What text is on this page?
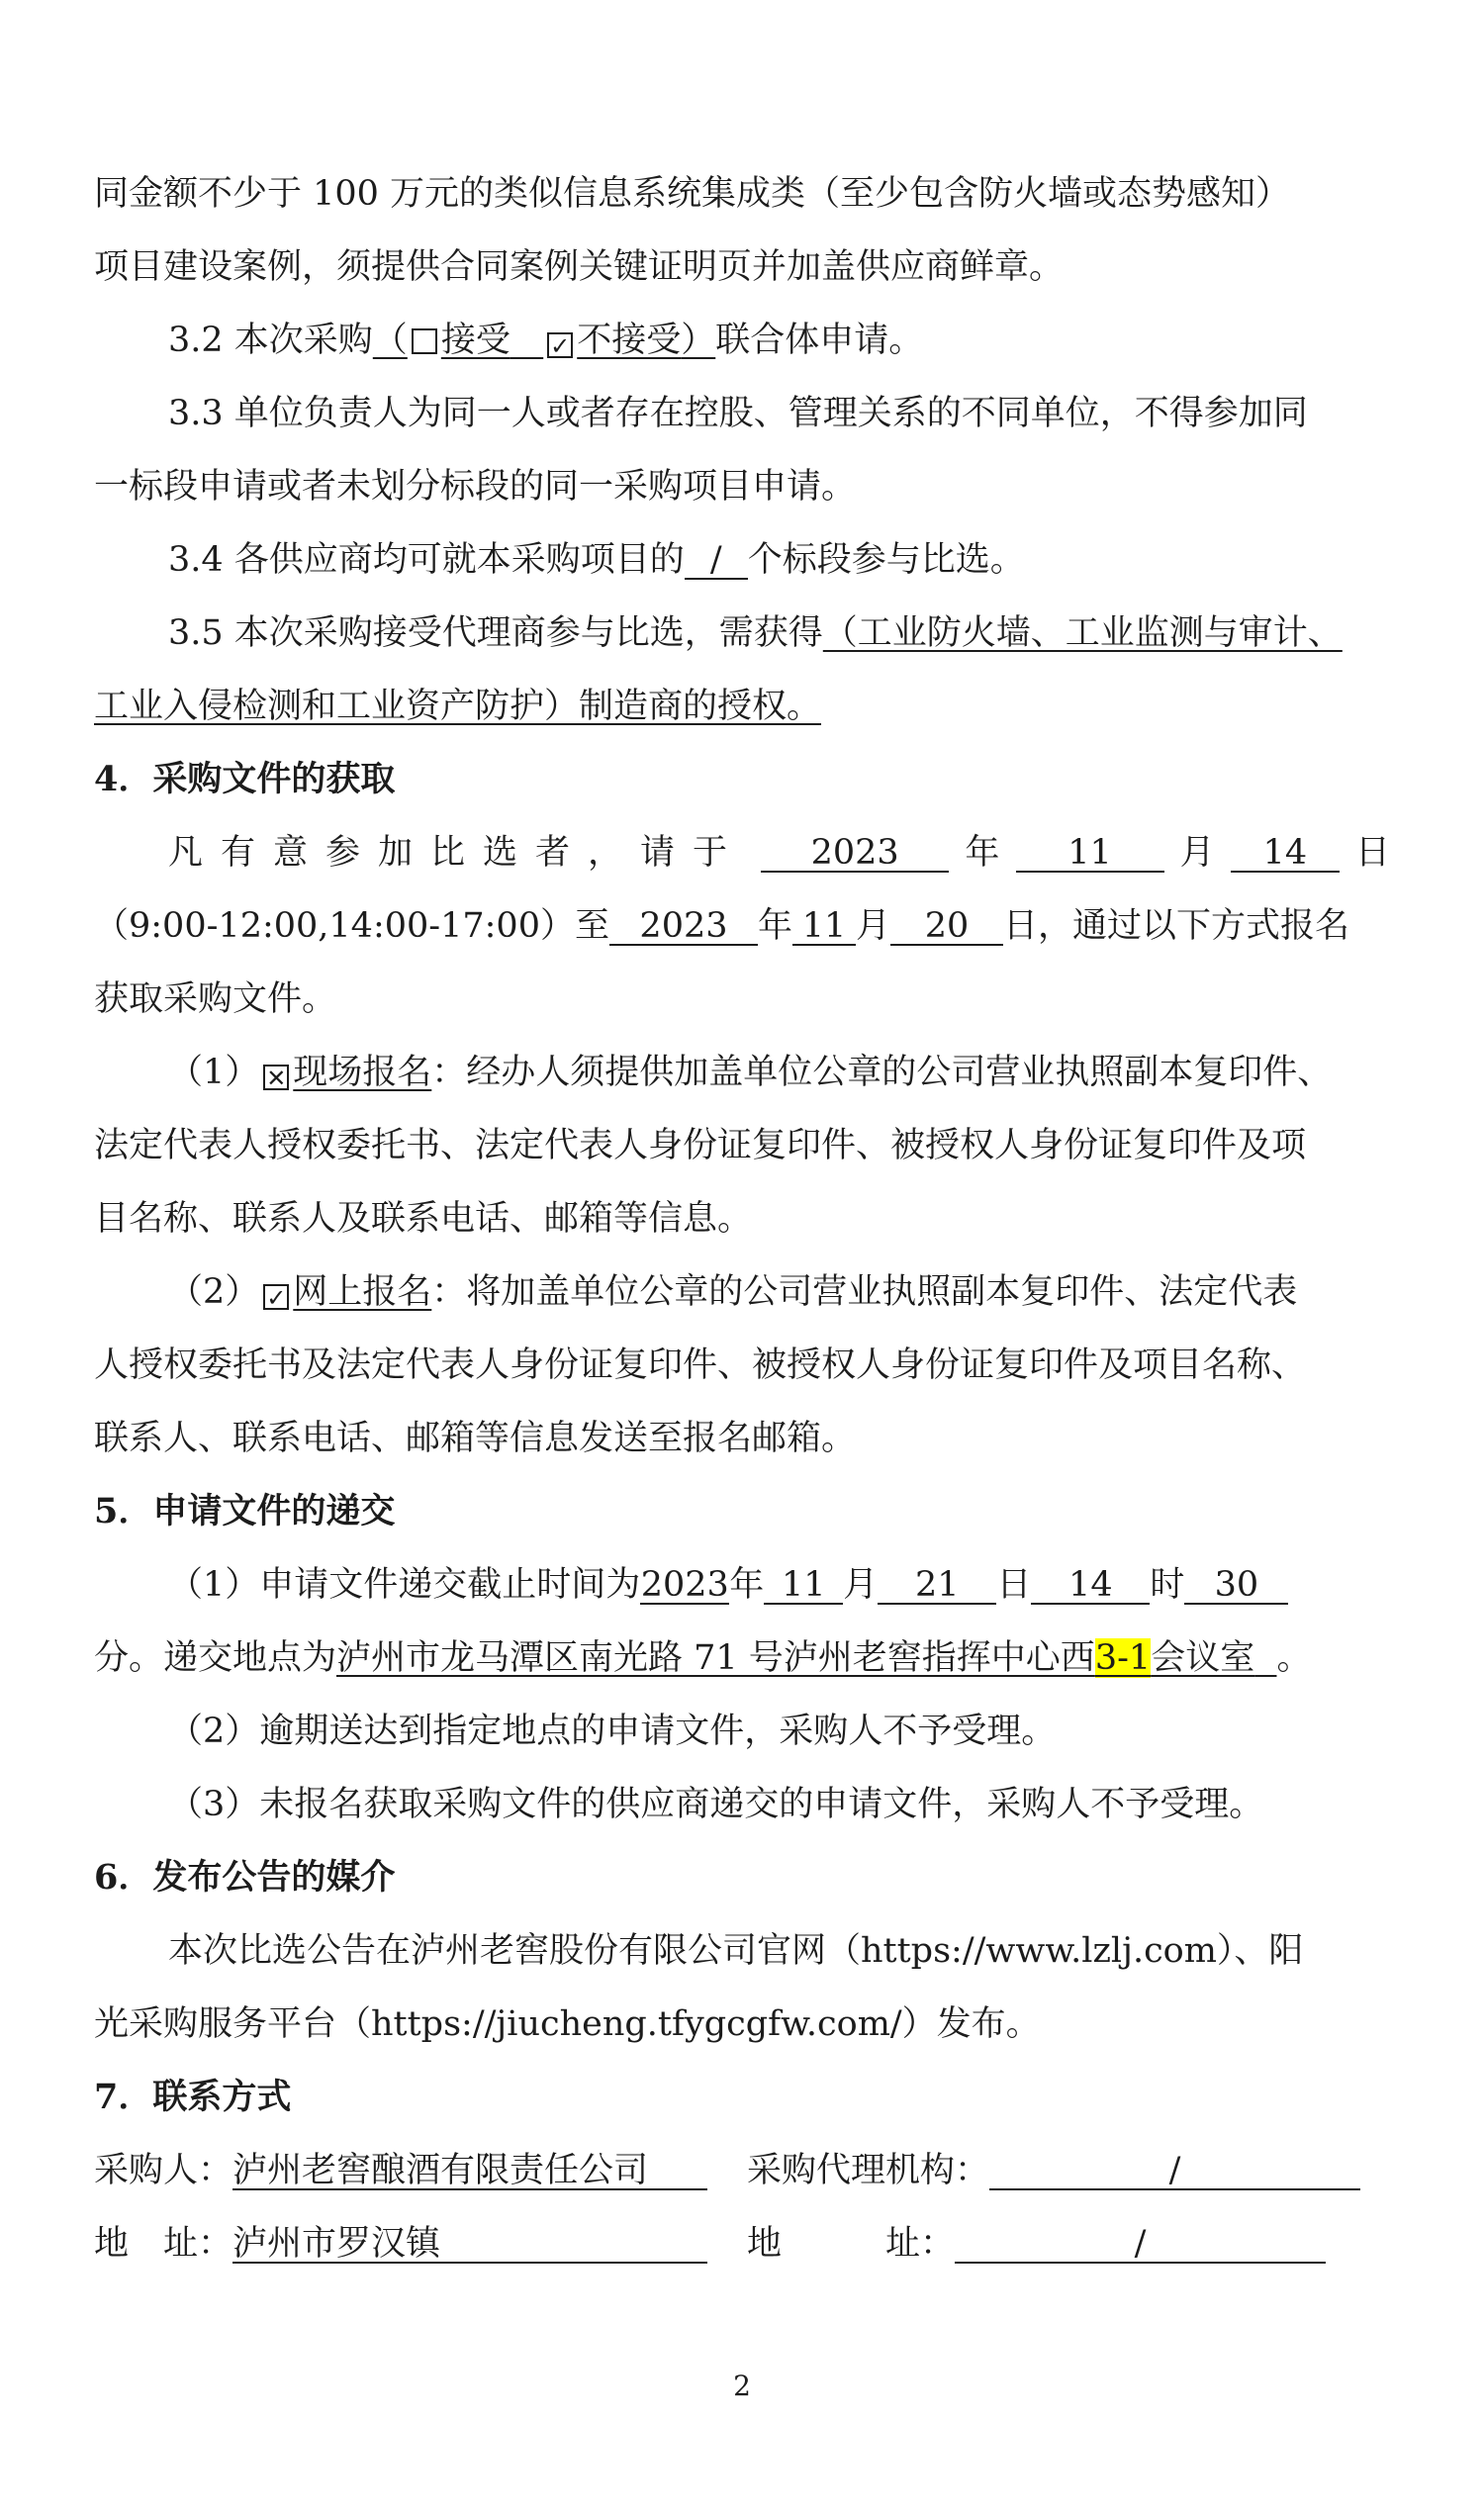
同金额不少于 100 万元的类似信息系统集成类（至少包含防火墙或态势感知）
项目建设案例，须提供合同案例关键证明页并加盖供应商鲜章。
3.2 本次采购（ 接受 ✓ 不接受）联合体申请。
3.3 单位负责人为同一人或者存在控股、管理关系的不同单位，不得参加同
一标段申请或者未划分标段的同一采购项目申请。
3.4 各供应商均可就本采购项目的 / 个标段参与比选。
3.5 本次采购接受代理商参与比选，需获得（工业防火墙、工业监测与审计、
工业入侵检测和工业资产防护）制造商的授权。
4．采购文件的获取
凡有意参加比选者，请于	2023	年	11	月	14	日
（9:00-12:00,14:00-17:00）至 2023 年 11 月 20 日，通过以下方式报名
获取采购文件。
（1） ✕ 现场报名：经办人须提供加盖单位公章的公司营业执照副本复印件、
法定代表人授权委托书、法定代表人身份证复印件、被授权人身份证复印件及项
目名称、联系人及联系电话、邮箱等信息。
（2） ✓ 网上报名：将加盖单位公章的公司营业执照副本复印件、法定代表
人授权委托书及法定代表人身份证复印件、被授权人身份证复印件及项目名称、
联系人、联系电话、邮箱等信息发送至报名邮箱。
5．申请文件的递交
（1）申请文件递交截止时间为2023年 11 月 21 日 14 时 30
分。递交地点为泸州市龙马潭区南光路 71 号泸州老窖指挥中心西3-1会议室 。
（2）逾期送达到指定地点的申请文件，采购人不予受理。
（3）未报名获取采购文件的供应商递交的申请文件，采购人不予受理。
6．发布公告的媒介
本次比选公告在泸州老窖股份有限公司官网（https://www.lzlj.com）、阳
光采购服务平台（https://jiucheng.tfygcgfw.com/）发布。
7．联系方式
采购人：泸州老窖酿酒有限责任公司	采购代理机构：	/
地　址：泸州市罗汉镇	地　　　址：	/
2
